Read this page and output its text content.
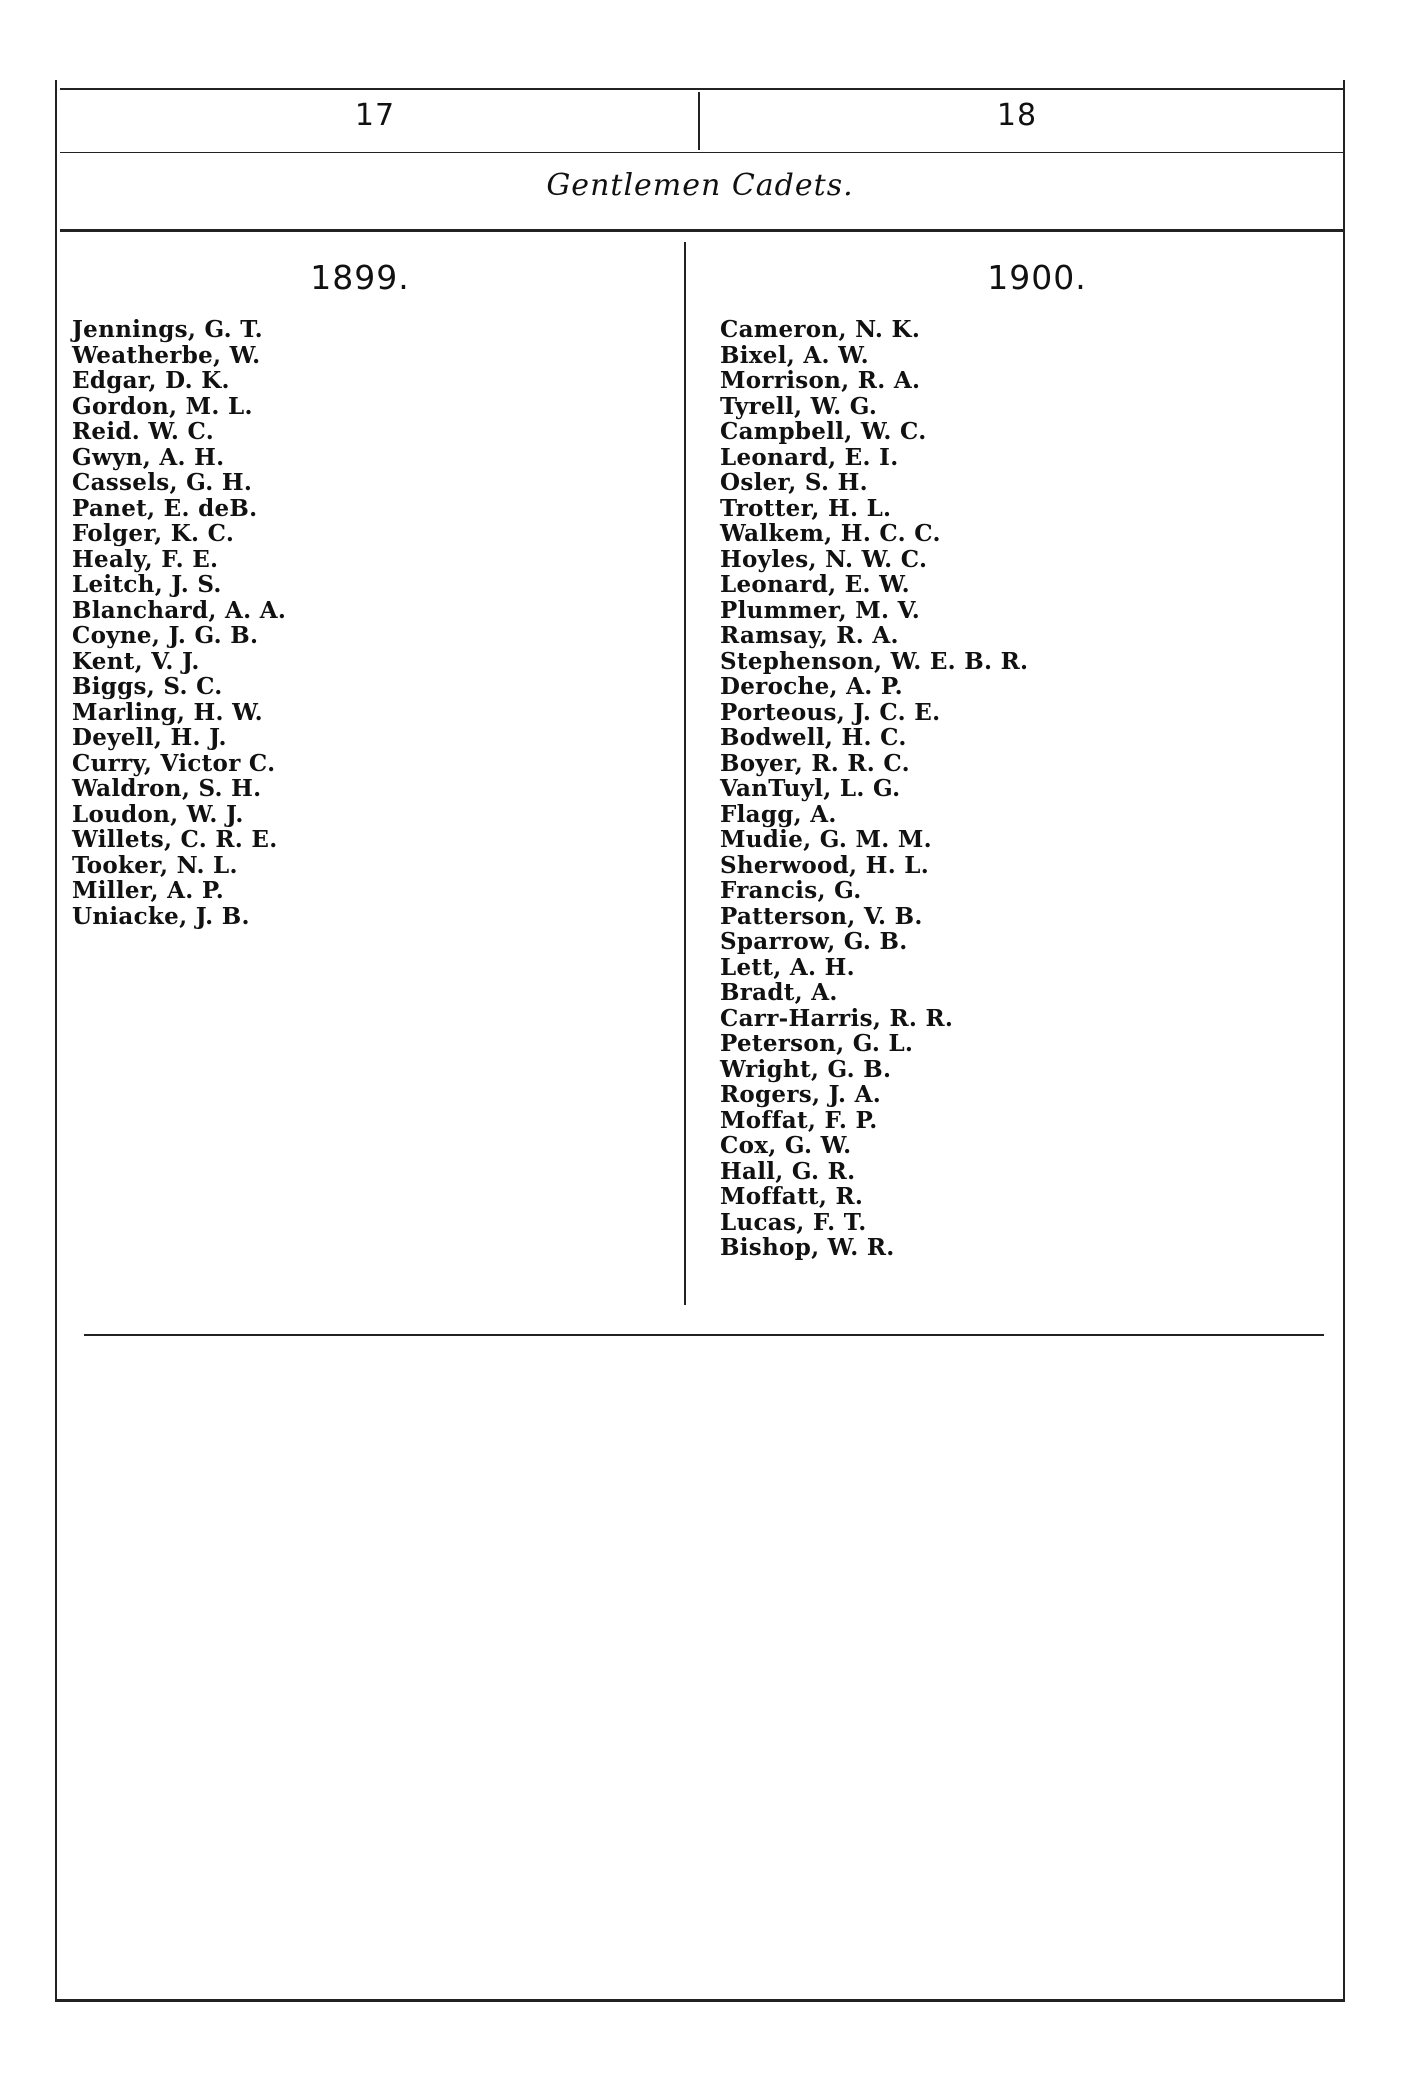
17	18
Gentlemen Cadets.
1899.	1900.
Jennings, G. T.
Weatherbe, W.
Edgar, D. K.
Gordon, M. L.
Reid. W. C.
Gwyn, A. H.
Cassels, G. H.
Panet, E. deB.
Folger, K. C.
Healy, F. E.
Leitch, J. S.
Blanchard, A. A.
Coyne, J. G. B.
Kent, V. J.
Biggs, S. C.
Marling, H. W.
Deyell, H. J.
Curry, Victor C.
Waldron, S. H.
Loudon, W. J.
Willets, C. R. E.
Tooker, N. L.
Miller, A. P.
Uniacke, J. B.
Cameron, N. K.
Bixel, A. W.
Morrison, R. A.
Tyrell, W. G.
Campbell, W. C.
Leonard, E. I.
Osler, S. H.
Trotter, H. L.
Walkem, H. C. C.
Hoyles, N. W. C.
Leonard, E. W.
Plummer, M. V.
Ramsay, R. A.
Stephenson, W. E. B. R.
Deroche, A. P.
Porteous, J. C. E.
Bodwell, H. C.
Boyer, R. R. C.
VanTuyl, L. G.
Flagg, A.
Mudie, G. M. M.
Sherwood, H. L.
Francis, G.
Patterson, V. B.
Sparrow, G. B.
Lett, A. H.
Bradt, A.
Carr-Harris, R. R.
Peterson, G. L.
Wright, G. B.
Rogers, J. A.
Moffat, F. P.
Cox, G. W.
Hall, G. R.
Moffatt, R.
Lucas, F. T.
Bishop, W. R.
